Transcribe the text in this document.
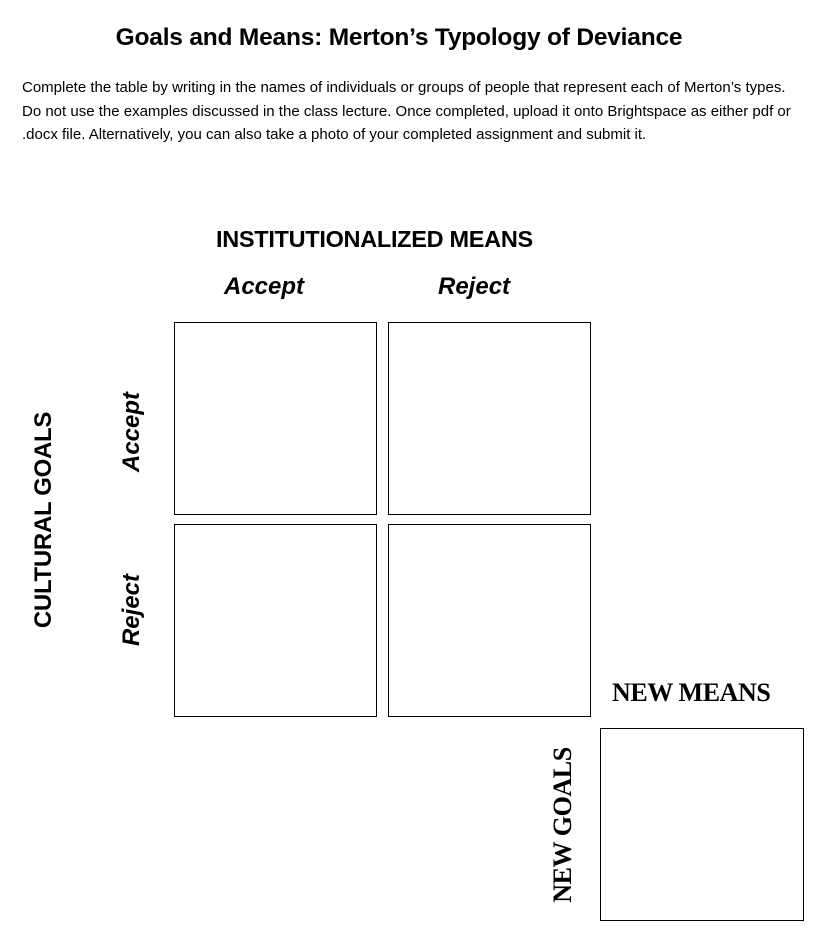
Goals and Means: Merton’s Typology of Deviance

Complete the table by writing in the names of individuals or groups of people that represent each of Merton’s types. Do not use the examples discussed in the class lecture. Once completed, upload it onto Brightspace as either pdf or .docx file. Alternatively, you can also take a photo of your completed assignment and submit it.

INSTITUTIONALIZED MEANS
Accept	Reject
CULTURAL GOALS	Accept
Reject
NEW MEANS
NEW GOALS
